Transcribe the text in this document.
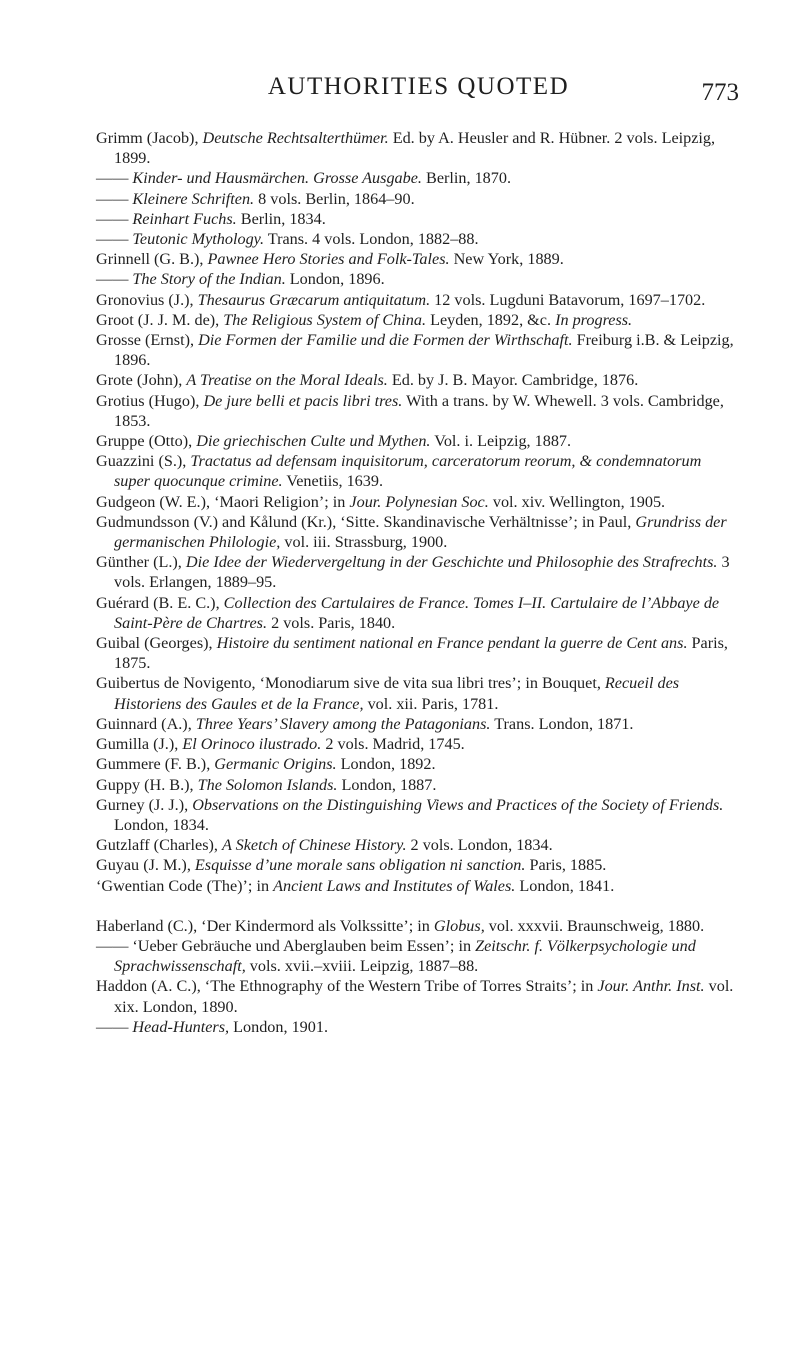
AUTHORITIES QUOTED	773

Grimm (Jacob), Deutsche Rechtsalterthümer. Ed. by A. Heusler and R. Hübner. 2 vols. Leipzig, 1899.

—— Kinder- und Hausmärchen. Grosse Ausgabe. Berlin, 1870.

—— Kleinere Schriften. 8 vols. Berlin, 1864–90.

—— Reinhart Fuchs. Berlin, 1834.

—— Teutonic Mythology. Trans. 4 vols. London, 1882–88.

Grinnell (G. B.), Pawnee Hero Stories and Folk-Tales. New York, 1889.

—— The Story of the Indian. London, 1896.

Gronovius (J.), Thesaurus Græcarum antiquitatum. 12 vols. Lugduni Batavorum, 1697–1702.

Groot (J. J. M. de), The Religious System of China. Leyden, 1892, &c. In progress.

Grosse (Ernst), Die Formen der Familie und die Formen der Wirthschaft. Freiburg i.B. & Leipzig, 1896.

Grote (John), A Treatise on the Moral Ideals. Ed. by J. B. Mayor. Cambridge, 1876.

Grotius (Hugo), De jure belli et pacis libri tres. With a trans. by W. Whewell. 3 vols. Cambridge, 1853.

Gruppe (Otto), Die griechischen Culte und Mythen. Vol. i. Leipzig, 1887.

Guazzini (S.), Tractatus ad defensam inquisitorum, carceratorum reorum, & condemnatorum super quocunque crimine. Venetiis, 1639.

Gudgeon (W. E.), ‘Maori Religion’; in Jour. Polynesian Soc. vol. xiv. Wellington, 1905.

Gudmundsson (V.) and Kålund (Kr.), ‘Sitte. Skandinavische Verhältnisse’; in Paul, Grundriss der germanischen Philologie, vol. iii. Strassburg, 1900.

Günther (L.), Die Idee der Wiedervergeltung in der Geschichte und Philosophie des Strafrechts. 3 vols. Erlangen, 1889–95.

Guérard (B. E. C.), Collection des Cartulaires de France. Tomes I–II. Cartulaire de l’Abbaye de Saint-Père de Chartres. 2 vols. Paris, 1840.

Guibal (Georges), Histoire du sentiment national en France pendant la guerre de Cent ans. Paris, 1875.

Guibertus de Novigento, ‘Monodiarum sive de vita sua libri tres’; in Bouquet, Recueil des Historiens des Gaules et de la France, vol. xii. Paris, 1781.

Guinnard (A.), Three Years’ Slavery among the Patagonians. Trans. London, 1871.

Gumilla (J.), El Orinoco ilustrado. 2 vols. Madrid, 1745.

Gummere (F. B.), Germanic Origins. London, 1892.

Guppy (H. B.), The Solomon Islands. London, 1887.

Gurney (J. J.), Observations on the Distinguishing Views and Practices of the Society of Friends. London, 1834.

Gutzlaff (Charles), A Sketch of Chinese History. 2 vols. London, 1834.

Guyau (J. M.), Esquisse d’une morale sans obligation ni sanction. Paris, 1885.

‘Gwentian Code (The)’; in Ancient Laws and Institutes of Wales. London, 1841.

Haberland (C.), ‘Der Kindermord als Volkssitte’; in Globus, vol. xxxvii. Braunschweig, 1880.

—— ‘Ueber Gebräuche und Aberglauben beim Essen’; in Zeitschr. f. Völkerpsychologie und Sprachwissenschaft, vols. xvii.–xviii. Leipzig, 1887–88.

Haddon (A. C.), ‘The Ethnography of the Western Tribe of Torres Straits’; in Jour. Anthr. Inst. vol. xix. London, 1890.

—— Head-Hunters, London, 1901.
